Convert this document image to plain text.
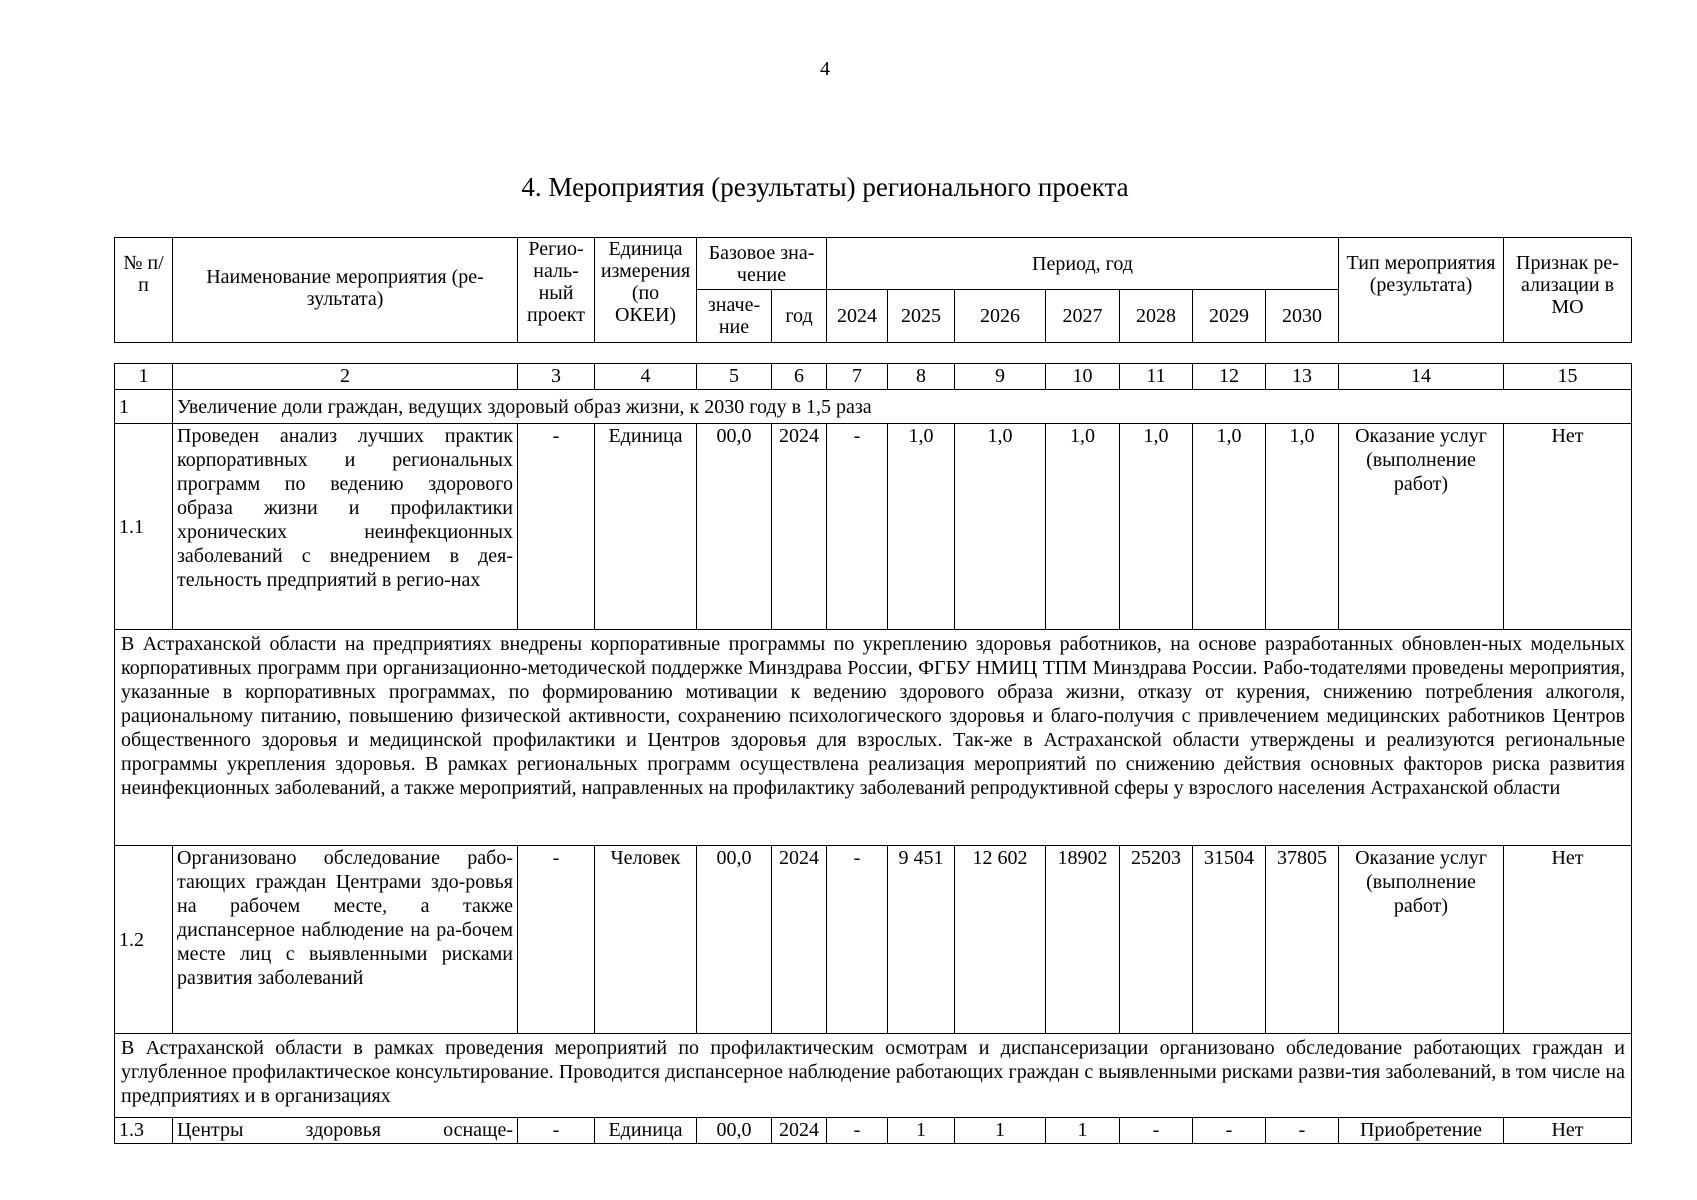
4
4. Мероприятия (результаты) регионального проекта
№ п/п	Наименование мероприятия (ре-зультата)	Регио-наль-ный проект	Единица измерения (по ОКЕИ)	Базовое зна-чение		Период, год							Тип мероприятия (результата)	Признак ре-ализации в МО
				значе-ние	год	2024	2025	2026	2027	2028	2029	2030		
1	2	3	4	5	6	7	8	9	10	11	12	13	14	15
1	Увеличение доли граждан, ведущих здоровый образ жизни, к 2030 году в 1,5 раза													
1.1	Проведен анализ лучших практик корпоративных и региональных программ по ведению здорового образа жизни и профилактики хронических неинфекционных заболеваний с внедрением в дея-тельность предприятий в регио-нах	-	Единица	00,0	2024	-	1,0	1,0	1,0	1,0	1,0	1,0	Оказание услуг (выполнение работ)	Нет
В Астраханской области на предприятиях внедрены корпоративные программы по укреплению здоровья работников, на основе разработанных обновлен-ных модельных корпоративных программ при организационно-методической поддержке Минздрава России, ФГБУ НМИЦ ТПМ Минздрава России. Рабо-тодателями проведены мероприятия, указанные в корпоративных программах, по формированию мотивации к ведению здорового образа жизни, отказу от курения, снижению потребления алкоголя, рациональному питанию, повышению физической активности, сохранению психологического здоровья и благо-получия с привлечением медицинских работников Центров общественного здоровья и медицинской профилактики и Центров здоровья для взрослых. Так-же в Астраханской области утверждены и реализуются региональные программы укрепления здоровья. В рамках региональных программ осуществлена реализация мероприятий по снижению действия основных факторов риска развития неинфекционных заболеваний, а также мероприятий, направленных на профилактику заболеваний репродуктивной сферы у взрослого населения Астраханской области														
1.2	Организовано обследование рабо-тающих граждан Центрами здо-ровья на рабочем месте, а также диспансерное наблюдение на ра-бочем месте лиц с выявленными рисками развития заболеваний	-	Человек	00,0	2024	-	9 451	12 602	18902	25203	31504	37805	Оказание услуг (выполнение работ)	Нет
В Астраханской области в рамках проведения мероприятий по профилактическим осмотрам и диспансеризации организовано обследование работающих граждан и углубленное профилактическое консультирование. Проводится диспансерное наблюдение работающих граждан с выявленными рисками разви-тия заболеваний, в том числе на предприятиях и в организациях														
1.3	Центры здоровья оснаще-	-	Единица	00,0	2024	-	1	1	1	-	-	-	Приобретение	Нет
